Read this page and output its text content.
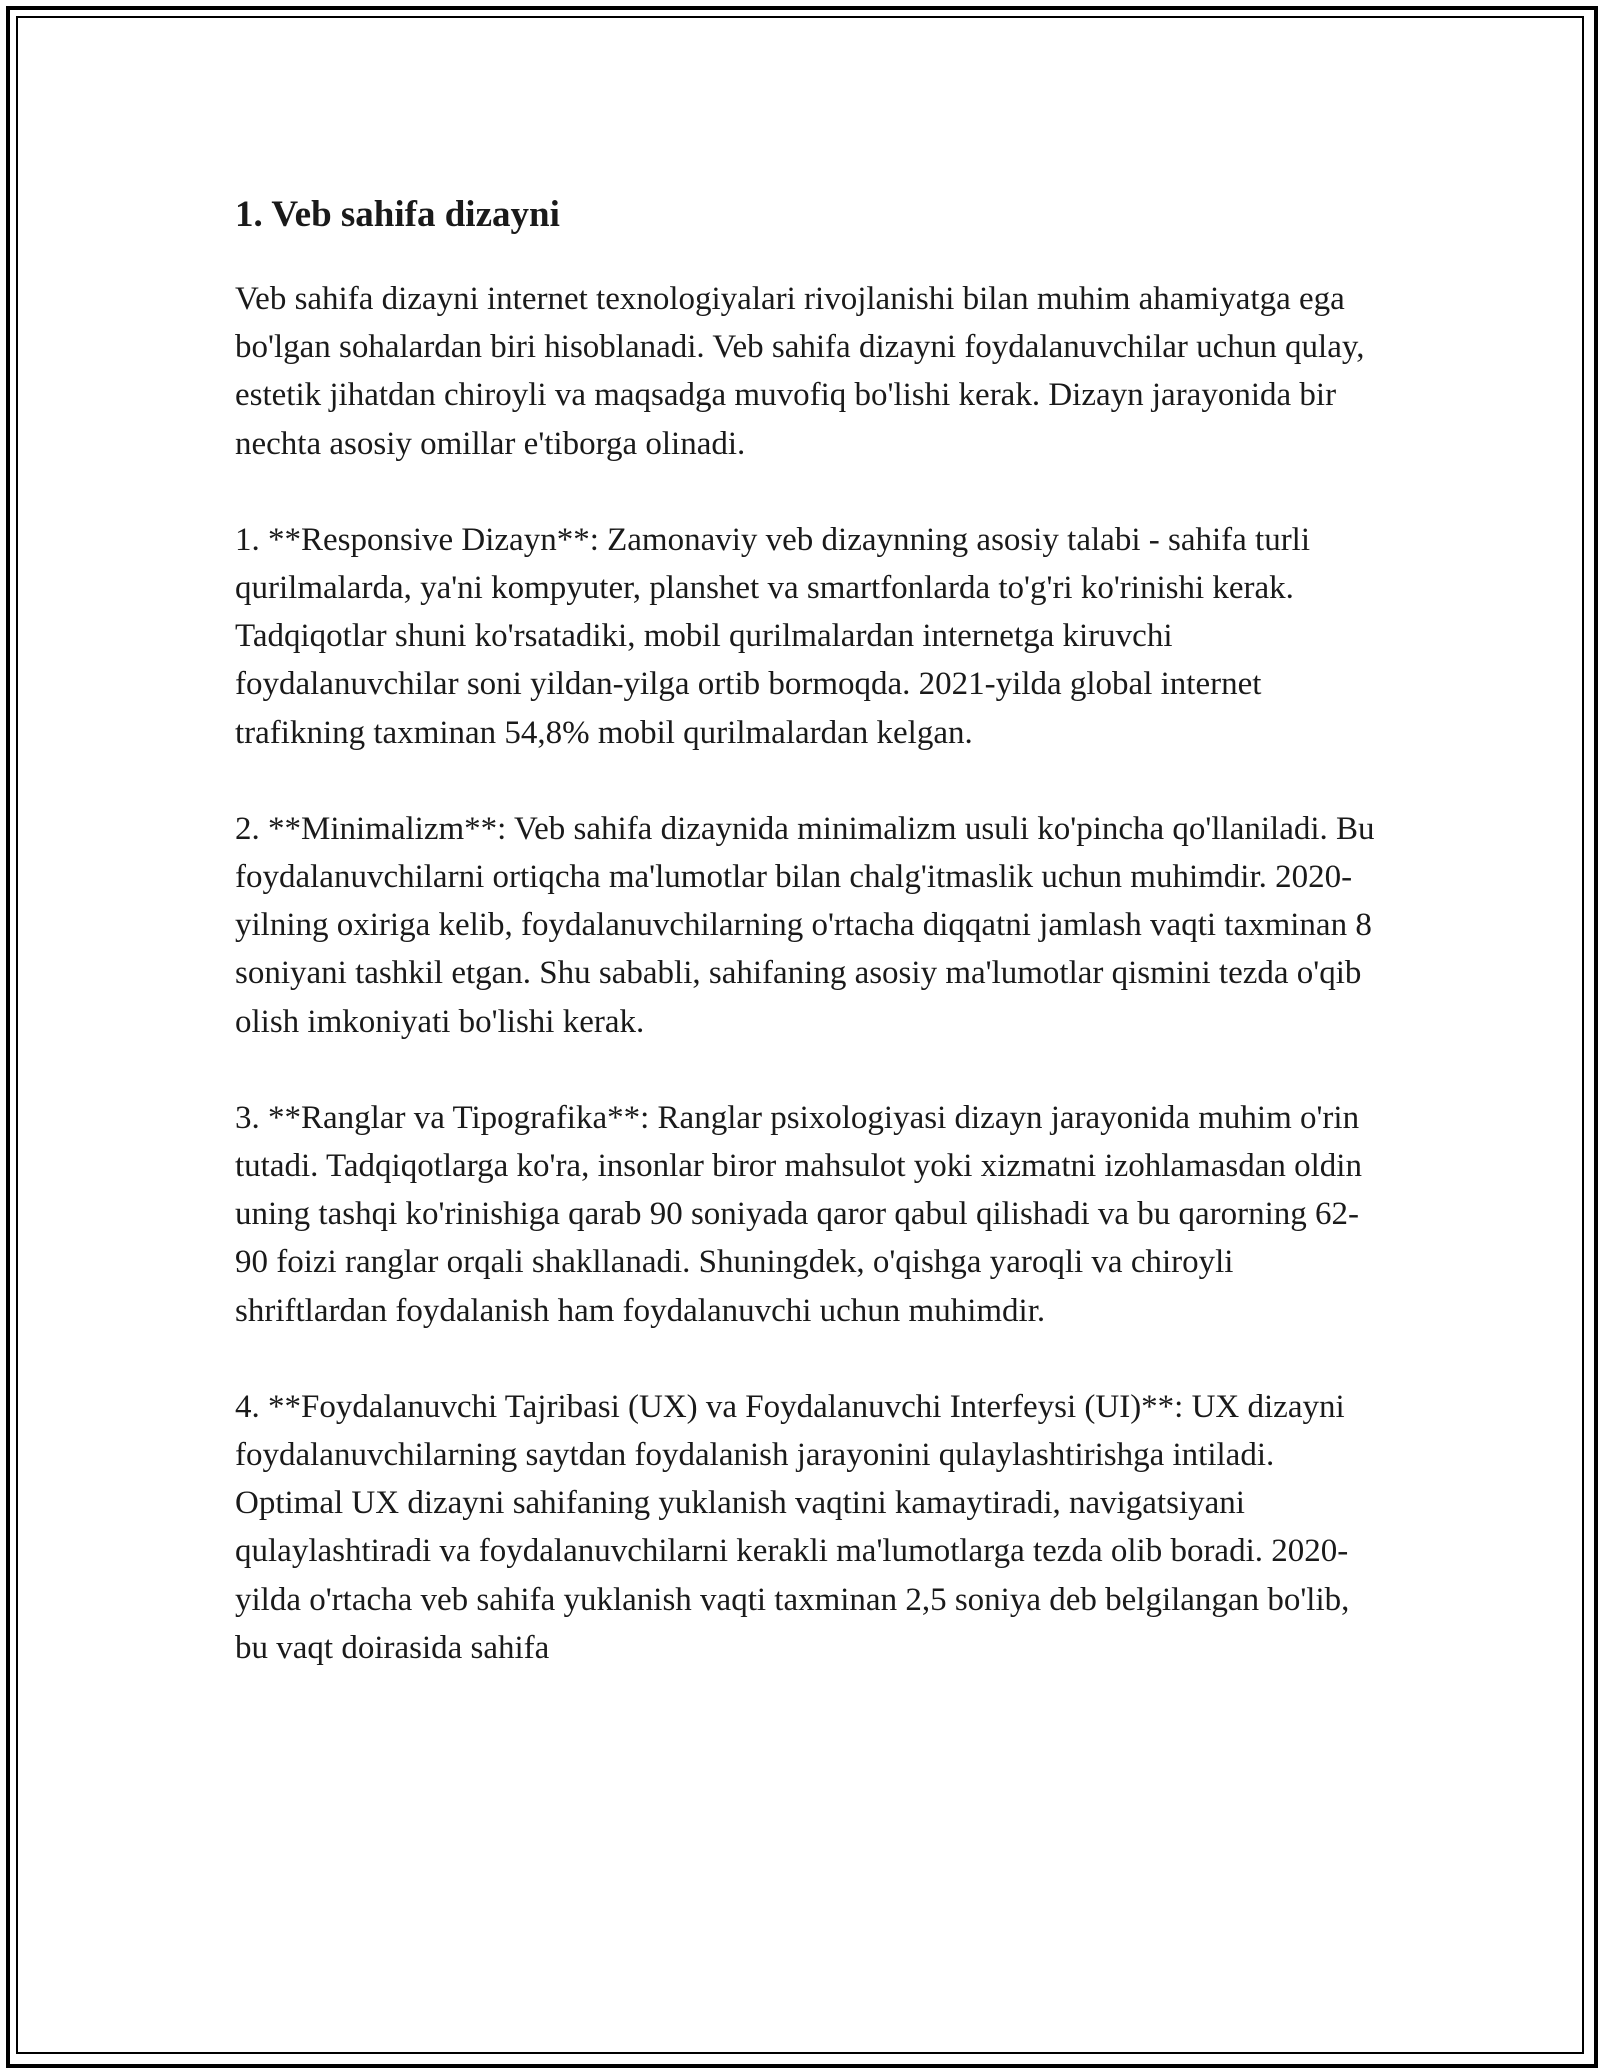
1. Veb sahifa dizayni

Veb sahifa dizayni internet texnologiyalari rivojlanishi bilan muhim ahamiyatga ega bo'lgan sohalardan biri hisoblanadi. Veb sahifa dizayni foydalanuvchilar uchun qulay, estetik jihatdan chiroyli va maqsadga muvofiq bo'lishi kerak. Dizayn jarayonida bir nechta asosiy omillar e'tiborga olinadi.

1. **Responsive Dizayn**: Zamonaviy veb dizaynning asosiy talabi - sahifa turli qurilmalarda, ya'ni kompyuter, planshet va smartfonlarda to'g'ri ko'rinishi kerak. Tadqiqotlar shuni ko'rsatadiki, mobil qurilmalardan internetga kiruvchi foydalanuvchilar soni yildan-yilga ortib bormoqda. 2021-yilda global internet trafikning taxminan 54,8% mobil qurilmalardan kelgan.

2. **Minimalizm**: Veb sahifa dizaynida minimalizm usuli ko'pincha qo'llaniladi. Bu foydalanuvchilarni ortiqcha ma'lumotlar bilan chalg'itmaslik uchun muhimdir. 2020-yilning oxiriga kelib, foydalanuvchilarning o'rtacha diqqatni jamlash vaqti taxminan 8 soniyani tashkil etgan. Shu sababli, sahifaning asosiy ma'lumotlar qismini tezda o'qib olish imkoniyati bo'lishi kerak.

3. **Ranglar va Tipografika**: Ranglar psixologiyasi dizayn jarayonida muhim o'rin tutadi. Tadqiqotlarga ko'ra, insonlar biror mahsulot yoki xizmatni izohlamasdan oldin uning tashqi ko'rinishiga qarab 90 soniyada qaror qabul qilishadi va bu qarorning 62-90 foizi ranglar orqali shakllanadi. Shuningdek, o'qishga yaroqli va chiroyli shriftlardan foydalanish ham foydalanuvchi uchun muhimdir.

4. **Foydalanuvchi Tajribasi (UX) va Foydalanuvchi Interfeysi (UI)**: UX dizayni foydalanuvchilarning saytdan foydalanish jarayonini qulaylashtirishga intiladi. Optimal UX dizayni sahifaning yuklanish vaqtini kamaytiradi, navigatsiyani qulaylashtiradi va foydalanuvchilarni kerakli ma'lumotlarga tezda olib boradi. 2020-yilda o'rtacha veb sahifa yuklanish vaqti taxminan 2,5 soniya deb belgilangan bo'lib, bu vaqt doirasida sahifa
